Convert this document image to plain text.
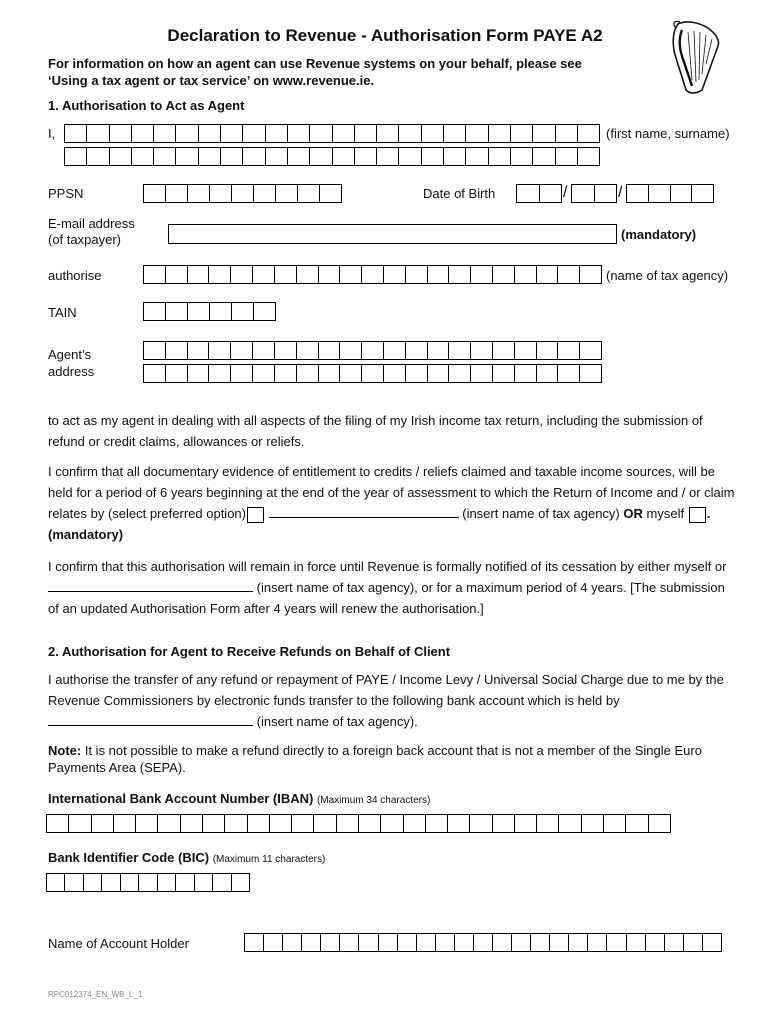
Declaration to Revenue - Authorisation Form PAYE A2
For information on how an agent can use Revenue systems on your behalf, please see
‘Using a tax agent or tax service’ on www.revenue.ie.
1. Authorisation to Act as Agent
I,	(first name, surname)
PPSN	Date of Birth	/	/
E-mail address
(of taxpayer)	(mandatory)
authorise	(name of tax agency)
TAIN
Agent’s
address
to act as my agent in dealing with all aspects of the filing of my Irish income tax return, including the submission of refund or credit claims, allowances or reliefs.
I confirm that all documentary evidence of entitlement to credits / reliefs claimed and taxable income sources, will be held for a period of 6 years beginning at the end of the year of assessment to which the Return of Income and / or claim relates by (select preferred option)	(insert name of tax agency) OR myself . (mandatory)
I confirm that this authorisation will remain in force until Revenue is formally notified of its cessation by either myself or  (insert name of tax agency), or for a maximum period of 4 years. [The submission of an updated Authorisation Form after 4 years will renew the authorisation.]
2. Authorisation for Agent to Receive Refunds on Behalf of Client
I authorise the transfer of any refund or repayment of PAYE / Income Levy / Universal Social Charge due to me by the Revenue Commissioners by electronic funds transfer to the following bank account which is held by  (insert name of tax agency).
Note: It is not possible to make a refund directly to a foreign back account that is not a member of the Single Euro Payments Area (SEPA).
International Bank Account Number (IBAN) (Maximum 34 characters)
Bank Identifier Code (BIC) (Maximum 11 characters)
Name of Account Holder
RPC012374_EN_WB_L_1
